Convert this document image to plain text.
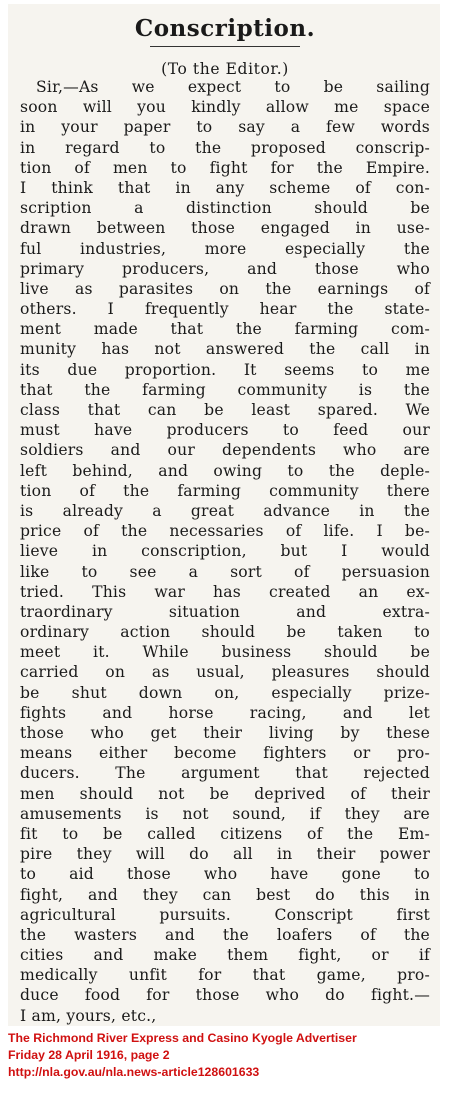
Conscription.
(To the Editor.)
Sir,—As we expect to be sailing
soon will you kindly allow me space
in your paper to say a few words
in regard to the proposed conscrip-
tion of men to fight for the Empire.
I think that in any scheme of con-
scription a distinction should be
drawn between those engaged in use-
ful industries, more especially the
primary producers, and those who
live as parasites on the earnings of
others. I frequently hear the state-
ment made that the farming com-
munity has not answered the call in
its due proportion. It seems to me
that the farming community is the
class that can be least spared. We
must have producers to feed our
soldiers and our dependents who are
left behind, and owing to the deple-
tion of the farming community there
is already a great advance in the
price of the necessaries of life. I be-
lieve in conscription, but I would
like to see a sort of persuasion
tried. This war has created an ex-
traordinary situation and extra-
ordinary action should be taken to
meet it. While business should be
carried on as usual, pleasures should
be shut down on, especially prize-
fights and horse racing, and let
those who get their living by these
means either become fighters or pro-
ducers. The argument that rejected
men should not be deprived of their
amusements is not sound, if they are
fit to be called citizens of the Em-
pire they will do all in their power
to aid those who have gone to
fight, and they can best do this in
agricultural pursuits. Conscript first
the wasters and the loafers of the
cities and make them fight, or if
medically unfit for that game, pro-
duce food for those who do fight.—
I am, yours, etc.,
The Richmond River Express and Casino Kyogle Advertiser
Friday 28 April 1916, page 2
http://nla.gov.au/nla.news-article128601633
